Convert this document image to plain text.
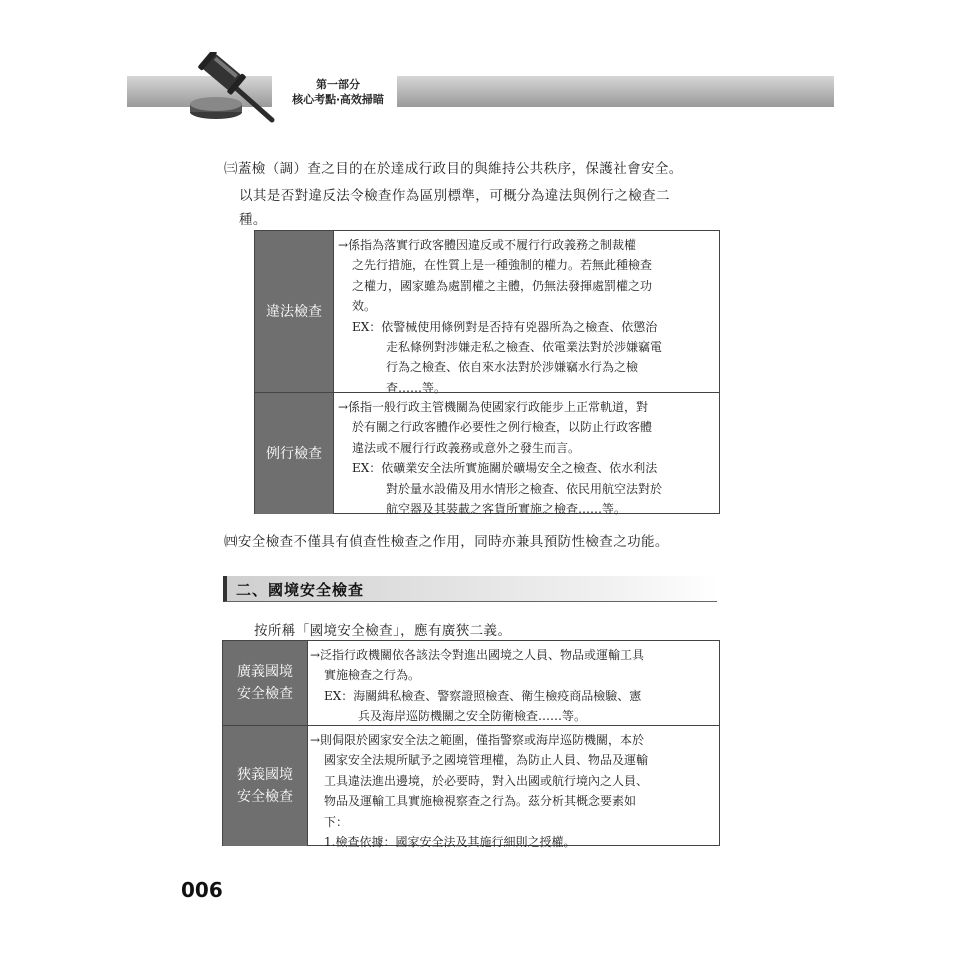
第一部分
核心考點‧高效掃瞄
㈢蓋檢（調）查之目的在於達成行政目的與維持公共秩序，保護社會安全。
以其是否對違反法令檢查作為區別標準，可概分為違法與例行之檢查二
種。
違法檢查
→係指為落實行政客體因違反或不履行行政義務之制裁權
之先行措施，在性質上是一種強制的權力。若無此種檢查
之權力，國家雖為處罰權之主體，仍無法發揮處罰權之功
效。
EX：依警械使用條例對是否持有兇器所為之檢查、依懲治
走私條例對涉嫌走私之檢查、依電業法對於涉嫌竊電
行為之檢查、依自來水法對於涉嫌竊水行為之檢
查……等。
例行檢查
→係指一般行政主管機關為使國家行政能步上正常軌道，對
於有關之行政客體作必要性之例行檢查，以防止行政客體
違法或不履行行政義務或意外之發生而言。
EX：依礦業安全法所實施關於礦場安全之檢查、依水利法
對於量水設備及用水情形之檢查、依民用航空法對於
航空器及其裝載之客貨所實施之檢查……等。
㈣安全檢查不僅具有偵查性檢查之作用，同時亦兼具預防性檢查之功能。
二、國境安全檢查
按所稱「國境安全檢查」，應有廣狹二義。
廣義國境
安全檢查
→泛指行政機關依各該法令對進出國境之人員、物品或運輸工具
實施檢查之行為。
EX：海關緝私檢查、警察證照檢查、衛生檢疫商品檢驗、憲
兵及海岸巡防機關之安全防衛檢查……等。
狹義國境
安全檢查
→則侷限於國家安全法之範圍，僅指警察或海岸巡防機關，本於
國家安全法規所賦予之國境管理權，為防止人員、物品及運輸
工具違法進出邊境，於必要時，對入出國或航行境內之人員、
物品及運輸工具實施檢視察查之行為。茲分析其概念要素如
下：
1.檢查依據：國家安全法及其施行細則之授權。
006
